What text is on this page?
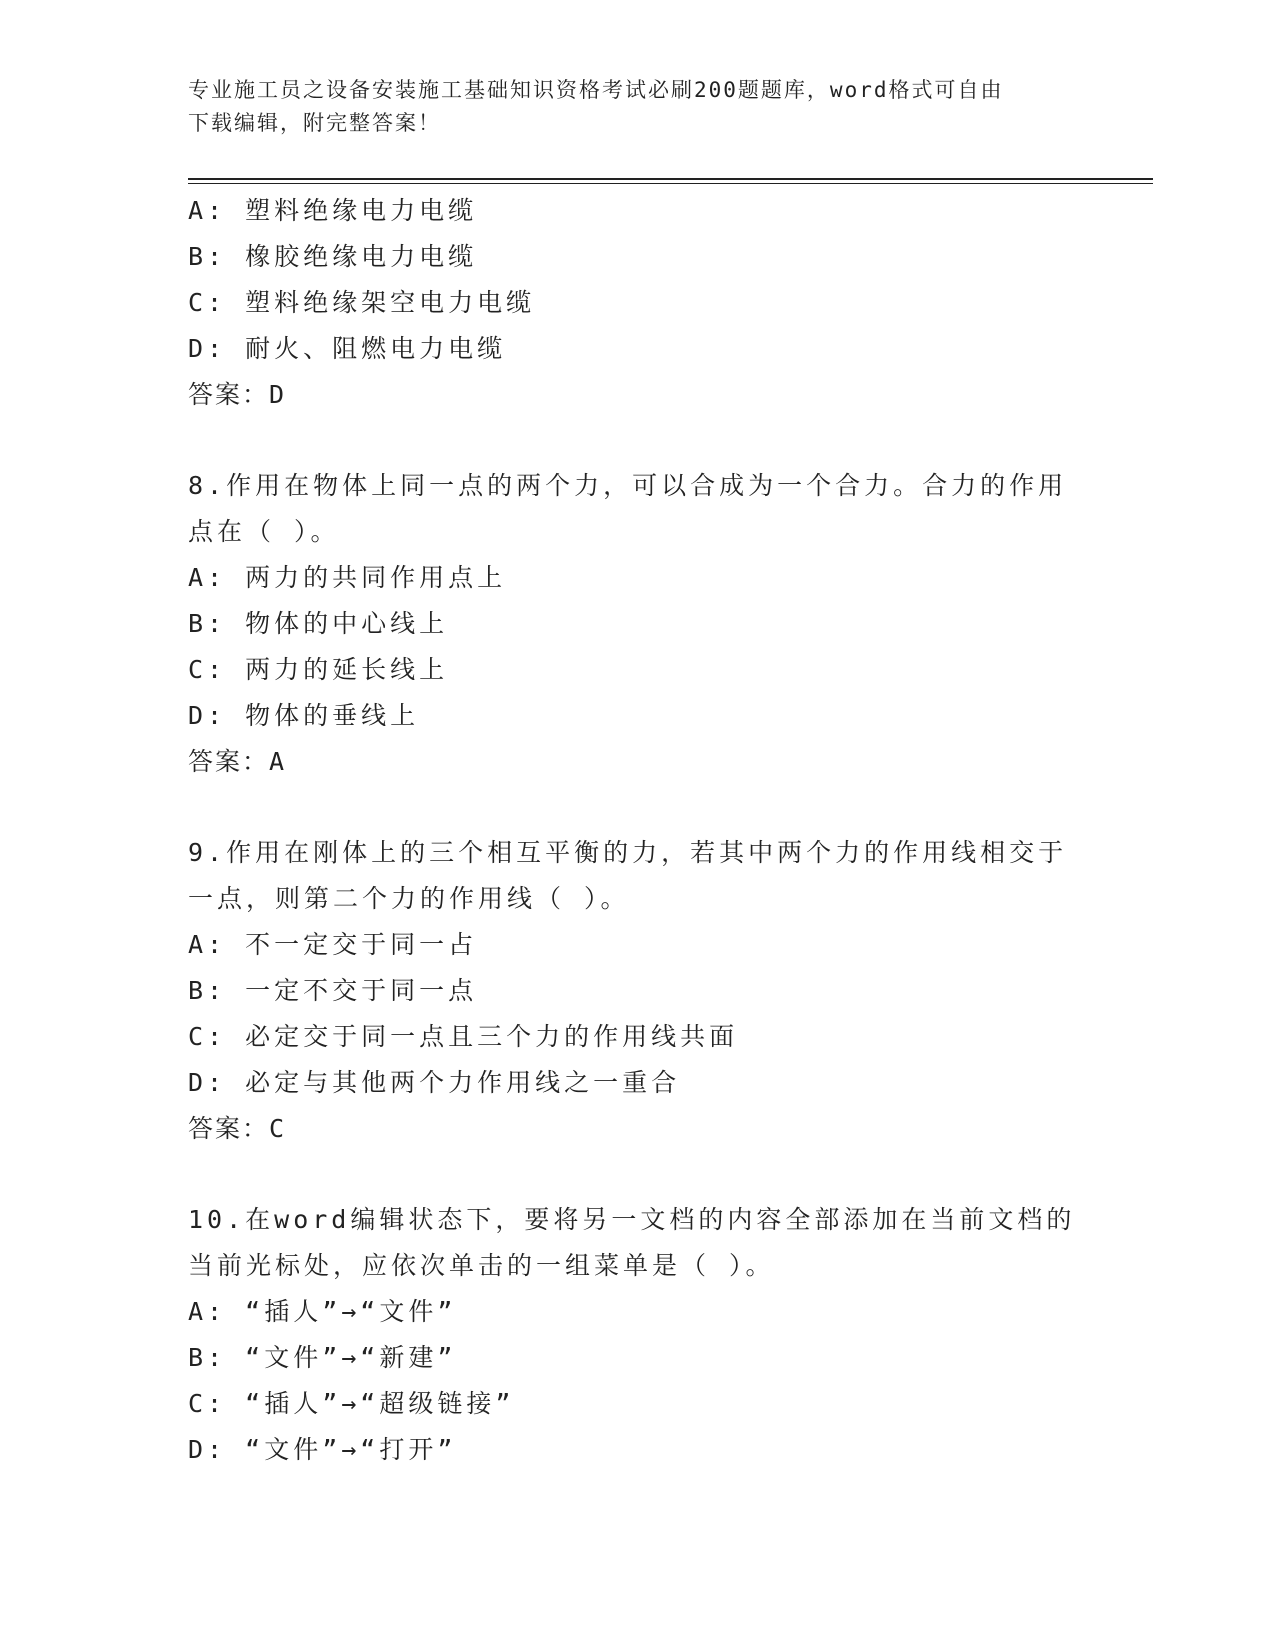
专业施工员之设备安装施工基础知识资格考试必刷200题题库，word格式可自由
下载编辑，附完整答案！
A: 塑料绝缘电力电缆
B: 橡胶绝缘电力电缆
C: 塑料绝缘架空电力电缆
D: 耐火、阻燃电力电缆
答案：D
8.作用在物体上同一点的两个力，可以合成为一个合力。合力的作用
点在（ ）。
A: 两力的共同作用点上
B: 物体的中心线上
C: 两力的延长线上
D: 物体的垂线上
答案：A
9.作用在刚体上的三个相互平衡的力，若其中两个力的作用线相交于
一点，则第二个力的作用线（ ）。
A: 不一定交于同一占
B: 一定不交于同一点
C: 必定交于同一点且三个力的作用线共面
D: 必定与其他两个力作用线之一重合
答案：C
10.在word编辑状态下，要将另一文档的内容全部添加在当前文档的
当前光标处，应依次单击的一组菜单是（ ）。
A: “插人”→“文件”
B: “文件”→“新建”
C: “插人”→“超级链接”
D: “文件”→“打开”
